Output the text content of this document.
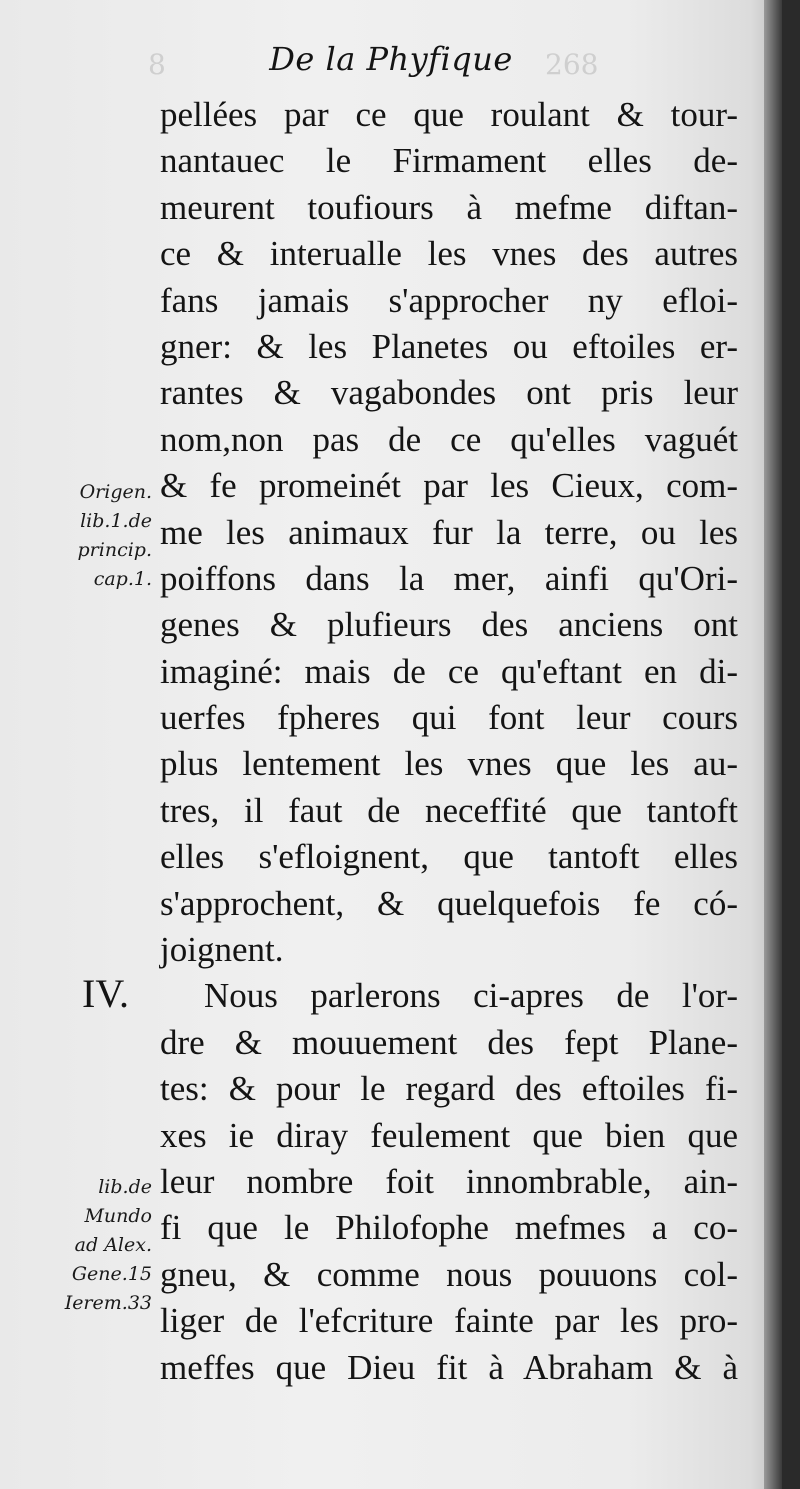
8	268
De la Phyfique
pellées par ce que roulant & tour-
nantauec le Firmament elles de-
meurent toufiours à mefme diftan-
ce & interualle les vnes des autres
fans jamais s'approcher ny efloi-
gner: & les Planetes ou eftoiles er-
rantes & vagabondes ont pris leur
nom,non pas de ce qu'elles vaguét
& fe promeinét par les Cieux, com-
me les animaux fur la terre, ou les
poiffons dans la mer, ainfi qu'Ori-
genes & plufieurs des anciens ont
imaginé: mais de ce qu'eftant en di-
uerfes fpheres qui font leur cours
plus lentement les vnes que les au-
tres, il faut de neceffité que tantoft
elles s'efloignent, que tantoft elles
s'approchent, & quelquefois fe có-
joignent.
Nous parlerons ci-apres de l'or-
dre & mouuement des fept Plane-
tes: & pour le regard des eftoiles fi-
xes ie diray feulement que bien que
leur nombre foit innombrable, ain-
fi que le Philofophe mefmes a co-
gneu, & comme nous pouuons col-
liger de l'efcriture fainte par les pro-
meffes que Dieu fit à Abraham & à
Origen.
lib.1.de
princip.
cap.1.
IV.
lib.de
Mundo
ad Alex.
Gene.15
Ierem.33
